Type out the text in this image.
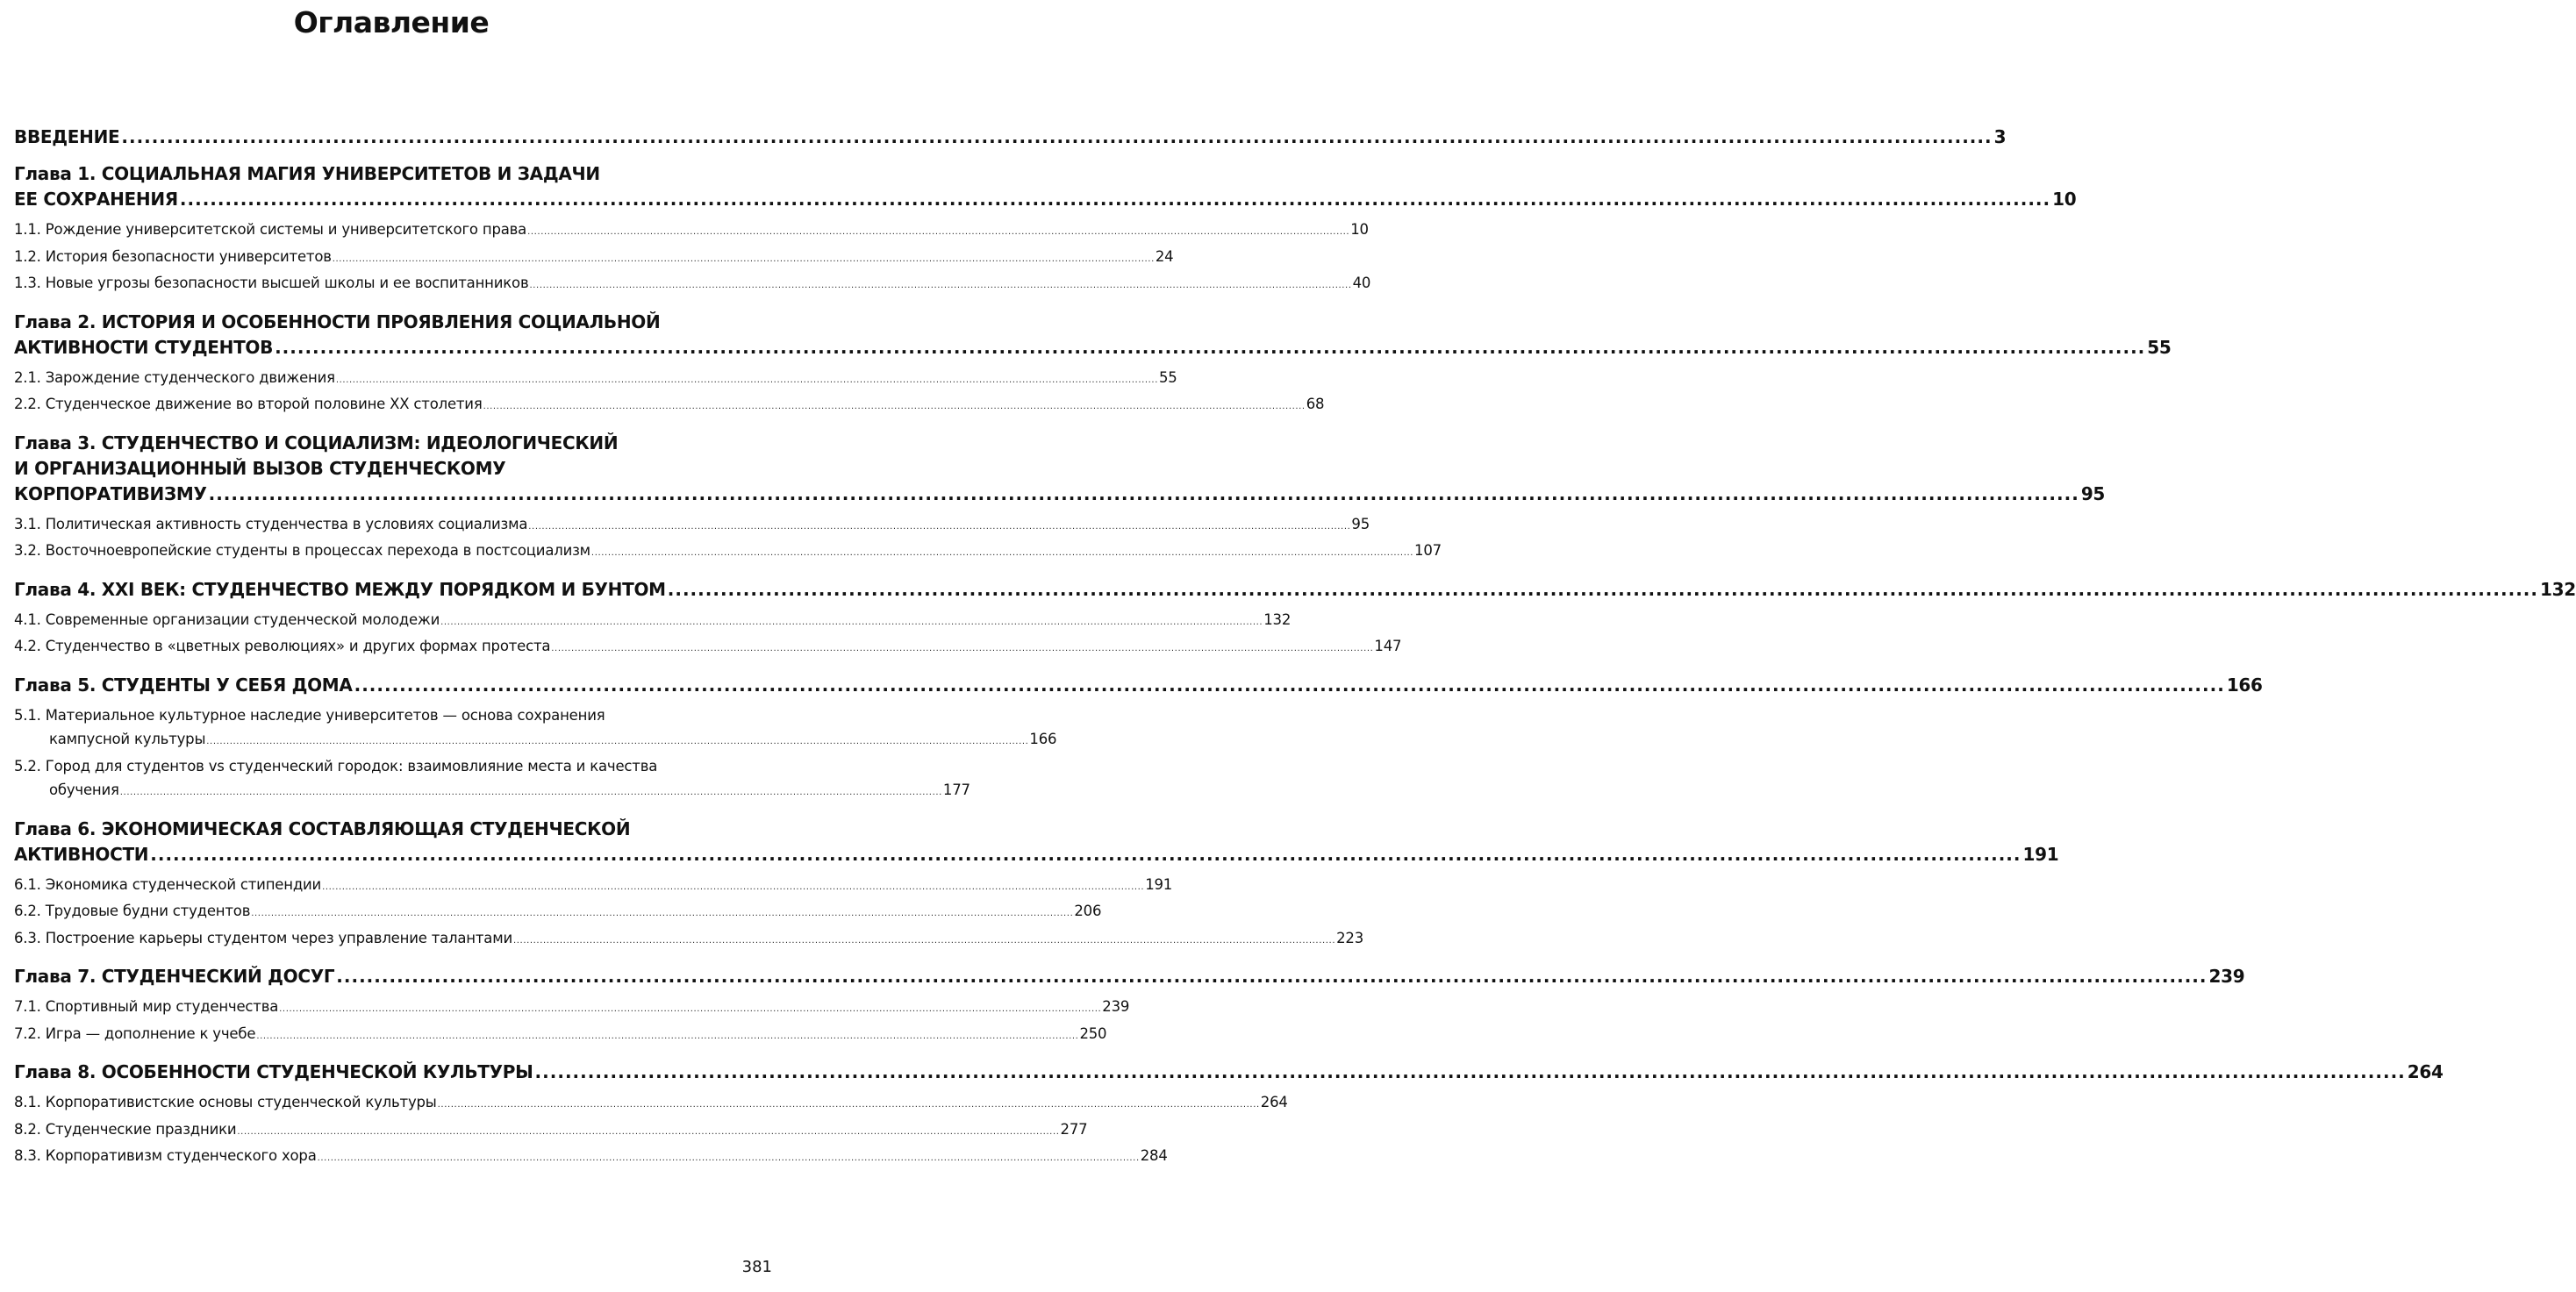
Оглавление
ВВЕДЕНИЕ ........................................................................................................................................................................................................................................................ 3
Глава 1. СОЦИАЛЬНАЯ МАГИЯ УНИВЕРСИТЕТОВ И ЗАДАЧИ
ЕЕ СОХРАНЕНИЯ ........................................................................................................................................................................................................................................................ 10
1.1. Рождение университетской системы и университетского права ........................................................................................................................................................................................................................................................ 10
1.2. История безопасности университетов ........................................................................................................................................................................................................................................................ 24
1.3. Новые угрозы безопасности высшей школы и ее воспитанников ........................................................................................................................................................................................................................................................ 40
Глава 2. ИСТОРИЯ И ОСОБЕННОСТИ ПРОЯВЛЕНИЯ СОЦИАЛЬНОЙ
АКТИВНОСТИ СТУДЕНТОВ ........................................................................................................................................................................................................................................................ 55
2.1. Зарождение студенческого движения ........................................................................................................................................................................................................................................................ 55
2.2. Студенческое движение во второй половине XX столетия ........................................................................................................................................................................................................................................................ 68
Глава 3. СТУДЕНЧЕСТВО И СОЦИАЛИЗМ: ИДЕОЛОГИЧЕСКИЙ
И ОРГАНИЗАЦИОННЫЙ ВЫЗОВ СТУДЕНЧЕСКОМУ
КОРПОРАТИВИЗМУ ........................................................................................................................................................................................................................................................ 95
3.1. Политическая активность студенчества в условиях социализма ........................................................................................................................................................................................................................................................ 95
3.2. Восточноевропейские студенты в процессах перехода в постсоциализм ........................................................................................................................................................................................................................................................ 107
Глава 4. XXI ВЕК: СТУДЕНЧЕСТВО МЕЖДУ ПОРЯДКОМ И БУНТОМ ........................................................................................................................................................................................................................................................ 132
4.1. Современные организации студенческой молодежи ........................................................................................................................................................................................................................................................ 132
4.2. Студенчество в «цветных революциях» и других формах протеста ........................................................................................................................................................................................................................................................ 147
Глава 5. СТУДЕНТЫ У СЕБЯ ДОМА ........................................................................................................................................................................................................................................................ 166
5.1. Материальное культурное наследие университетов — основа сохранения
кампусной культуры ........................................................................................................................................................................................................................................................ 166
5.2. Город для студентов vs студенческий городок: взаимовлияние места и качества
обучения ........................................................................................................................................................................................................................................................ 177
Глава 6. ЭКОНОМИЧЕСКАЯ СОСТАВЛЯЮЩАЯ СТУДЕНЧЕСКОЙ
АКТИВНОСТИ ........................................................................................................................................................................................................................................................ 191
6.1. Экономика студенческой стипендии ........................................................................................................................................................................................................................................................ 191
6.2. Трудовые будни студентов ........................................................................................................................................................................................................................................................ 206
6.3. Построение карьеры студентом через управление талантами ........................................................................................................................................................................................................................................................ 223
Глава 7. СТУДЕНЧЕСКИЙ ДОСУГ ........................................................................................................................................................................................................................................................ 239
7.1. Спортивный мир студенчества ........................................................................................................................................................................................................................................................ 239
7.2. Игра — дополнение к учебе ........................................................................................................................................................................................................................................................ 250
Глава 8. ОСОБЕННОСТИ СТУДЕНЧЕСКОЙ КУЛЬТУРЫ ........................................................................................................................................................................................................................................................ 264
8.1. Корпоративистские основы студенческой культуры ........................................................................................................................................................................................................................................................ 264
8.2. Студенческие праздники ........................................................................................................................................................................................................................................................ 277
8.3. Корпоративизм студенческого хора ........................................................................................................................................................................................................................................................ 284
381
